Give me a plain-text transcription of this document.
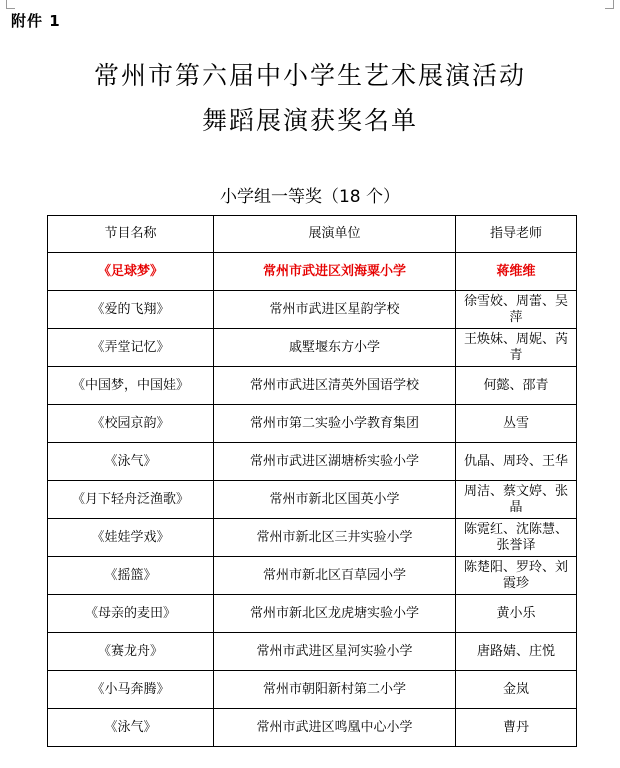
附件 1
常州市第六届中小学生艺术展演活动
舞蹈展演获奖名单
小学组一等奖（18 个）
节目名称	展演单位	指导老师
《足球梦》	常州市武进区刘海粟小学	蒋维维
《爱的飞翔》	常州市武进区星韵学校	徐雪姣、周蕾、吴萍
《弄堂记忆》	戚墅堰东方小学	王焕妹、周妮、芮青
《中国梦，中国娃》	常州市武进区清英外国语学校	何懿、邵青
《校园京韵》	常州市第二实验小学教育集团	丛雪
《泳气》	常州市武进区湖塘桥实验小学	仇晶、周玲、王华
《月下轻舟泛渔歌》	常州市新北区国英小学	周洁、蔡文婷、张晶
《娃娃学戏》	常州市新北区三井实验小学	陈霓红、沈陈慧、张誉译
《摇篮》	常州市新北区百草园小学	陈楚阳、罗玲、刘霞珍
《母亲的麦田》	常州市新北区龙虎塘实验小学	黄小乐
《赛龙舟》	常州市武进区星河实验小学	唐路婧、庄悦
《小马奔腾》	常州市朝阳新村第二小学	金岚
《泳气》	常州市武进区鸣凰中心小学	曹丹
